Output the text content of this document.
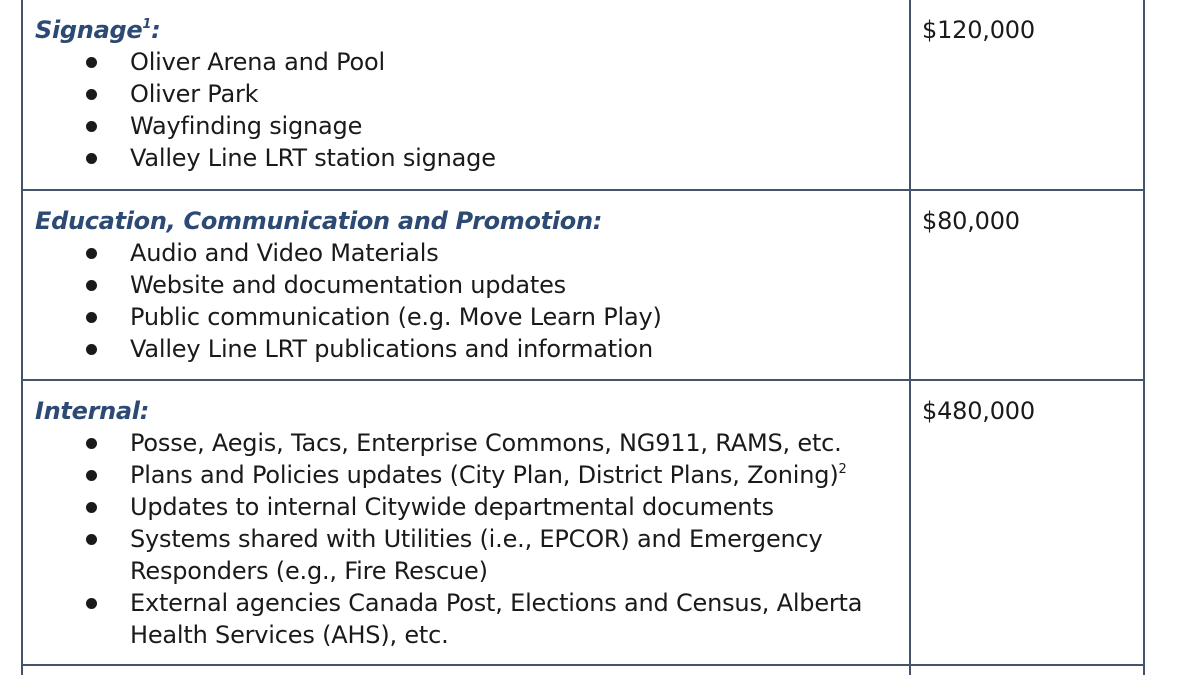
Signage$^1$:
Oliver Arena and Pool
Oliver Park
Wayfinding signage
Valley Line LRT station signage
$120,000
Education, Communication and Promotion:
Audio and Video Materials
Website and documentation updates
Public communication (e.g. Move Learn Play)
Valley Line LRT publications and information
$80,000
Internal:
Posse, Aegis, Tacs, Enterprise Commons, NG911, RAMS, etc.
Plans and Policies updates (City Plan, District Plans, Zoning)$^2$
Updates to internal Citywide departmental documents
Systems shared with Utilities (i.e., EPCOR) and Emergency Responders (e.g., Fire Rescue)
External agencies Canada Post, Elections and Census, Alberta Health Services (AHS), etc.
$480,000
